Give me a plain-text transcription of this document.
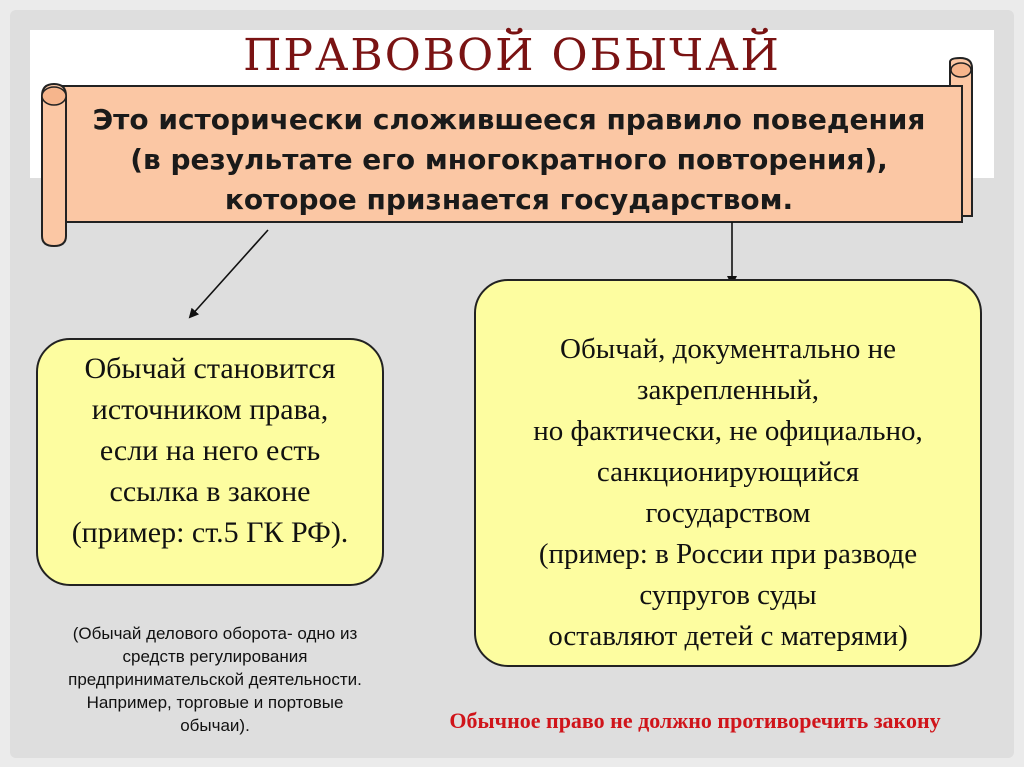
ПРАВОВОЙ ОБЫЧАЙ
Это исторически сложившееся правило поведения
(в результате его многократного повторения),
которое признается государством.
Обычай становится
источником права,
если на него есть
ссылка в законе
(пример: ст.5 ГК РФ).
Обычай, документально не
закрепленный,
но фактически, не официально,
санкционирующийся
государством
(пример: в России при разводе
супругов суды
оставляют детей с матерями)
(Обычай делового оборота- одно из
средств регулирования
предпринимательской деятельности.
Например, торговые и портовые
обычаи).	Обычное право не должно противоречить закону
